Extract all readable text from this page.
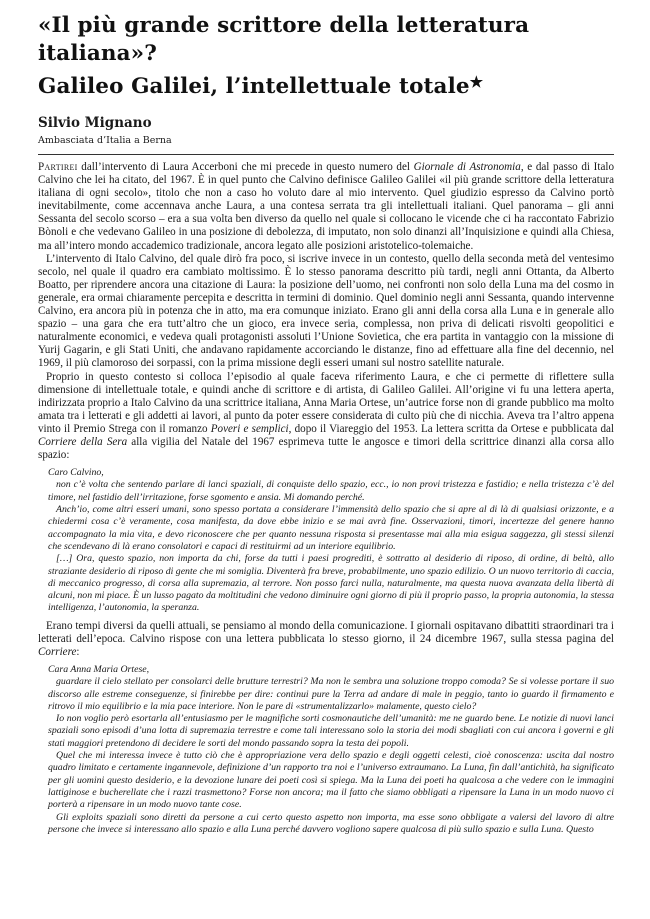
«Il più grande scrittore della letteratura italiana»?
Galileo Galilei, l’intellettuale totale★
Silvio Mignano
Ambasciata d’Italia a Berna

Partirei dall’intervento di Laura Accerboni che mi precede in questo numero del Giornale di Astronomia, e dal passo di Italo Calvino che lei ha citato, del 1967. È in quel punto che Calvino definisce Galileo Galilei «il più grande scrittore della letteratura italiana di ogni secolo», titolo che non a caso ho voluto dare al mio intervento. Quel giudizio espresso da Calvino portò inevitabilmente, come accennava anche Laura, a una contesa serrata tra gli intellettuali italiani. Quel panorama – gli anni Sessanta del secolo scorso – era a sua volta ben diverso da quello nel quale si collocano le vicende che ci ha raccontato Fabrizio Bònoli e che vedevano Galileo in una posizione di debolezza, di imputato, non solo dinanzi all’Inquisizione e quindi alla Chiesa, ma all’intero mondo accademico tradizionale, ancora legato alle posizioni aristotelico-tolemaiche.

L’intervento di Italo Calvino, del quale dirò fra poco, si iscrive invece in un contesto, quello della seconda metà del ventesimo secolo, nel quale il quadro era cambiato moltissimo. È lo stesso panorama descritto più tardi, negli anni Ottanta, da Alberto Boatto, per riprendere ancora una citazione di Laura: la posizione dell’uomo, nei confronti non solo della Luna ma del cosmo in generale, era ormai chiaramente percepita e descritta in termini di dominio. Quel dominio negli anni Sessanta, quando intervenne Calvino, era ancora più in potenza che in atto, ma era comunque iniziato. Erano gli anni della corsa alla Luna e in generale allo spazio – una gara che era tutt’altro che un gioco, era invece seria, complessa, non priva di delicati risvolti geopolitici e naturalmente economici, e vedeva quali protagonisti assoluti l’Unione Sovietica, che era partita in vantaggio con la missione di Yurij Gagarin, e gli Stati Uniti, che andavano rapidamente accorciando le distanze, fino ad effettuare alla fine del decennio, nel 1969, il più clamoroso dei sorpassi, con la prima missione degli esseri umani sul nostro satellite naturale.

Proprio in questo contesto si colloca l’episodio al quale faceva riferimento Laura, e che ci permette di riflettere sulla dimensione di intellettuale totale, e quindi anche di scrittore e di artista, di Galileo Galilei. All’origine vi fu una lettera aperta, indirizzata proprio a Italo Calvino da una scrittrice italiana, Anna Maria Ortese, un’autrice forse non di grande pubblico ma molto amata tra i letterati e gli addetti ai lavori, al punto da poter essere considerata di culto più che di nicchia. Aveva tra l’altro appena vinto il Premio Strega con il romanzo Poveri e semplici, dopo il Viareggio del 1953. La lettera scritta da Ortese e pubblicata dal Corriere della Sera alla vigilia del Natale del 1967 esprimeva tutte le angosce e timori della scrittrice dinanzi alla corsa allo spazio:

Caro Calvino,

non c’è volta che sentendo parlare di lanci spaziali, di conquiste dello spazio, ecc., io non provi tristezza e fastidio; e nella tristezza c’è del timore, nel fastidio dell’irritazione, forse sgomento e ansia. Mi domando perché.

Anch’io, come altri esseri umani, sono spesso portata a considerare l’immensità dello spazio che si apre al di là di qualsiasi orizzonte, e a chiedermi cosa c’è veramente, cosa manifesta, da dove ebbe inizio e se mai avrà fine. Osservazioni, timori, incertezze del genere hanno accompagnato la mia vita, e devo riconoscere che per quanto nessuna risposta si presentasse mai alla mia esigua saggezza, gli stessi silenzi che scendevano di là erano consolatori e capaci di restituirmi ad un interiore equilibrio.

[…] Ora, questo spazio, non importa da chi, forse da tutti i paesi progrediti, è sottratto al desiderio di riposo, di ordine, di beltà, allo straziante desiderio di riposo di gente che mi somiglia. Diventerà fra breve, probabilmente, uno spazio edilizio. O un nuovo territorio di caccia, di meccanico progresso, di corsa alla supremazia, al terrore. Non posso farci nulla, naturalmente, ma questa nuova avanzata della libertà di alcuni, non mi piace. È un lusso pagato da moltitudini che vedono diminuire ogni giorno di più il proprio passo, la propria autonomia, la stessa intelligenza, l’autonomia, la speranza.

Erano tempi diversi da quelli attuali, se pensiamo al mondo della comunicazione. I giornali ospitavano dibattiti straordinari tra i letterati dell’epoca. Calvino rispose con una lettera pubblicata lo stesso giorno, il 24 dicembre 1967, sulla stessa pagina del Corriere:

Cara Anna Maria Ortese,

guardare il cielo stellato per consolarci delle brutture terrestri? Ma non le sembra una soluzione troppo comoda? Se si volesse portare il suo discorso alle estreme conseguenze, si finirebbe per dire: continui pure la Terra ad andare di male in peggio, tanto io guardo il firmamento e ritrovo il mio equilibrio e la mia pace interiore. Non le pare di «strumentalizzarlo» malamente, questo cielo?

Io non voglio però esortarla all’entusiasmo per le magnifiche sorti cosmonautiche dell’umanità: me ne guardo bene. Le notizie di nuovi lanci spaziali sono episodi d’una lotta di supremazia terrestre e come tali interessano solo la storia dei modi sbagliati con cui ancora i governi e gli stati maggiori pretendono di decidere le sorti del mondo passando sopra la testa dei popoli.

Quel che mi interessa invece è tutto ciò che è appropriazione vera dello spazio e degli oggetti celesti, cioè conoscenza: uscita dal nostro quadro limitato e certamente ingannevole, definizione d’un rapporto tra noi e l’universo extraumano. La Luna, fin dall’antichità, ha significato per gli uomini questo desiderio, e la devozione lunare dei poeti così si spiega. Ma la Luna dei poeti ha qualcosa a che vedere con le immagini lattiginose e bucherellate che i razzi trasmettono? Forse non ancora; ma il fatto che siamo obbligati a ripensare la Luna in un modo nuovo ci porterà a ripensare in un modo nuovo tante cose.

Gli exploits spaziali sono diretti da persone a cui certo questo aspetto non importa, ma esse sono obbligate a valersi del lavoro di altre persone che invece si interessano allo spazio e alla Luna perché davvero vogliono sapere qualcosa di più sullo spazio e sulla Luna. Questo
